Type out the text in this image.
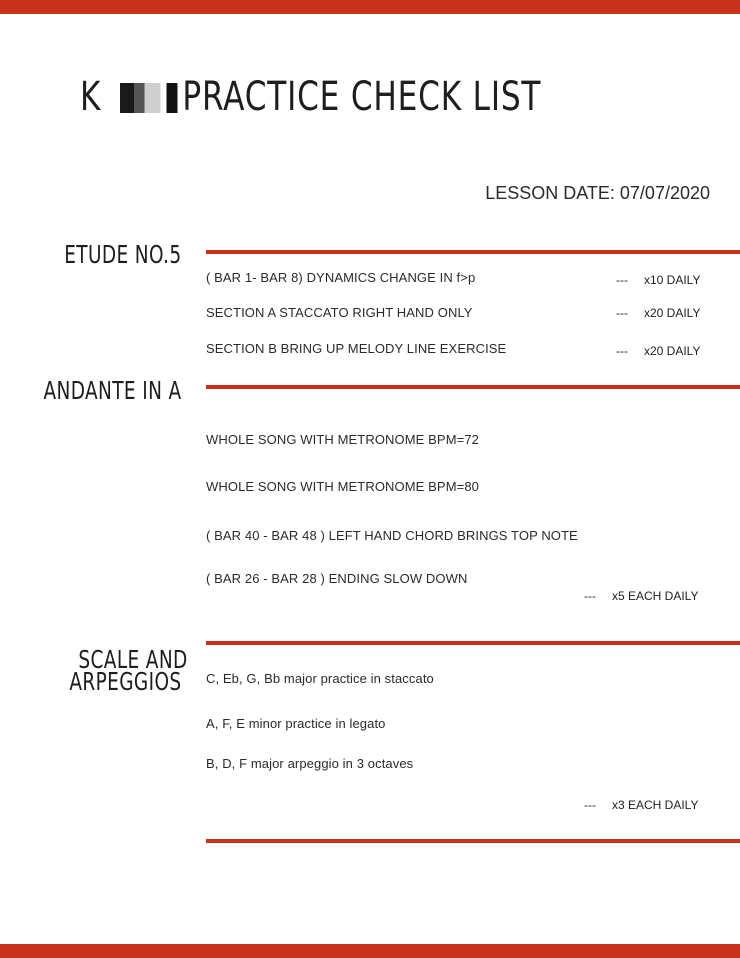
K PRACTICE CHECK LIST
LESSON DATE: 07/07/2020
ETUDE NO.5
( BAR 1- BAR 8) DYNAMICS CHANGE IN f>p	--- x10 DAILY
SECTION A STACCATO RIGHT HAND ONLY	--- x20 DAILY
SECTION B BRING UP MELODY LINE EXERCISE	--- x20 DAILY
ANDANTE IN A
WHOLE SONG WITH METRONOME BPM=72
WHOLE SONG WITH METRONOME BPM=80
( BAR 40 - BAR 48 ) LEFT HAND CHORD BRINGS TOP NOTE
( BAR 26 - BAR 28 ) ENDING SLOW DOWN
--- x5 EACH DAILY
SCALE AND
ARPEGGIOS C, Eb, G, Bb major practice in staccato
A, F, E minor practice in legato
B, D, F major arpeggio in 3 octaves
--- x3 EACH DAILY
